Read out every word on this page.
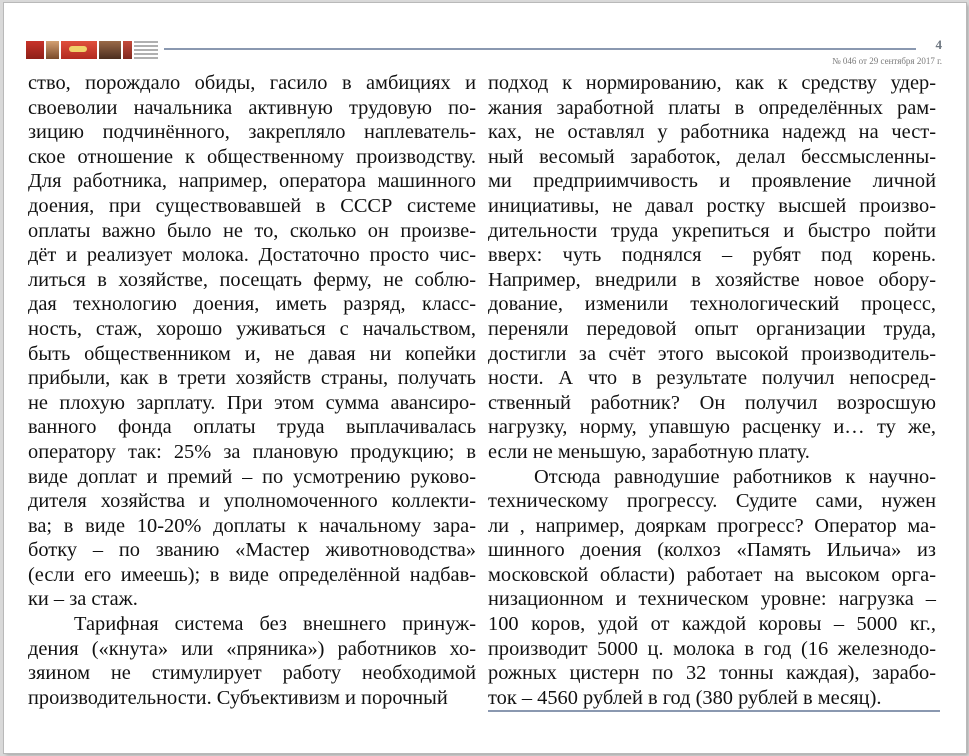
4
№ 046 от 29 сентября 2017 г.
ство, порождало обиды, гасило в амбициях и
своеволии начальника активную трудовую по-
зицию подчинённого, закрепляло наплеватель-
ское отношение к общественному производству.
Для работника, например, оператора машинного
доения, при существовавшей в СССР системе
оплаты важно было не то, сколько он произве-
дёт и реализует молока. Достаточно просто чис-
литься в хозяйстве, посещать ферму, не соблю-
дая технологию доения, иметь разряд, класс-
ность, стаж, хорошо уживаться с начальством,
быть общественником и, не давая ни копейки
прибыли, как в трети хозяйств страны, получать
не плохую зарплату. При этом сумма авансиро-
ванного фонда оплаты труда выплачивалась
оператору так: 25% за плановую продукцию; в
виде доплат и премий – по усмотрению руково-
дителя хозяйства и уполномоченного коллекти-
ва; в виде 10-20% доплаты к начальному зара-
ботку – по званию «Мастер животноводства»
(если его имеешь); в виде определённой надбав-
ки – за стаж.
Тарифная система без внешнего принуж-
дения («кнута» или «пряника») работников хо-
зяином не стимулирует работу необходимой
производительности. Субъективизм и порочный
подход к нормированию, как к средству удер-
жания заработной платы в определённых рам-
ках, не оставлял у работника надежд на чест-
ный весомый заработок, делал бессмысленны-
ми предприимчивость и проявление личной
инициативы, не давал ростку высшей произво-
дительности труда укрепиться и быстро пойти
вверх: чуть поднялся – рубят под корень.
Например, внедрили в хозяйстве новое обору-
дование, изменили технологический процесс,
переняли передовой опыт организации труда,
достигли за счёт этого высокой производитель-
ности. А что в результате получил непосред-
ственный работник? Он получил возросшую
нагрузку, норму, упавшую расценку и… ту же,
если не меньшую, заработную плату.
Отсюда равнодушие работников к научно-
техническому прогрессу. Судите сами, нужен
ли , например, дояркам прогресс? Оператор ма-
шинного доения (колхоз «Память Ильича» из
московской области) работает на высоком орга-
низационном и техническом уровне: нагрузка –
100 коров, удой от каждой коровы – 5000 кг.,
производит 5000 ц. молока в год (16 железнодо-
рожных цистерн по 32 тонны каждая), зарабо-
ток – 4560 рублей в год (380 рублей в месяц).
